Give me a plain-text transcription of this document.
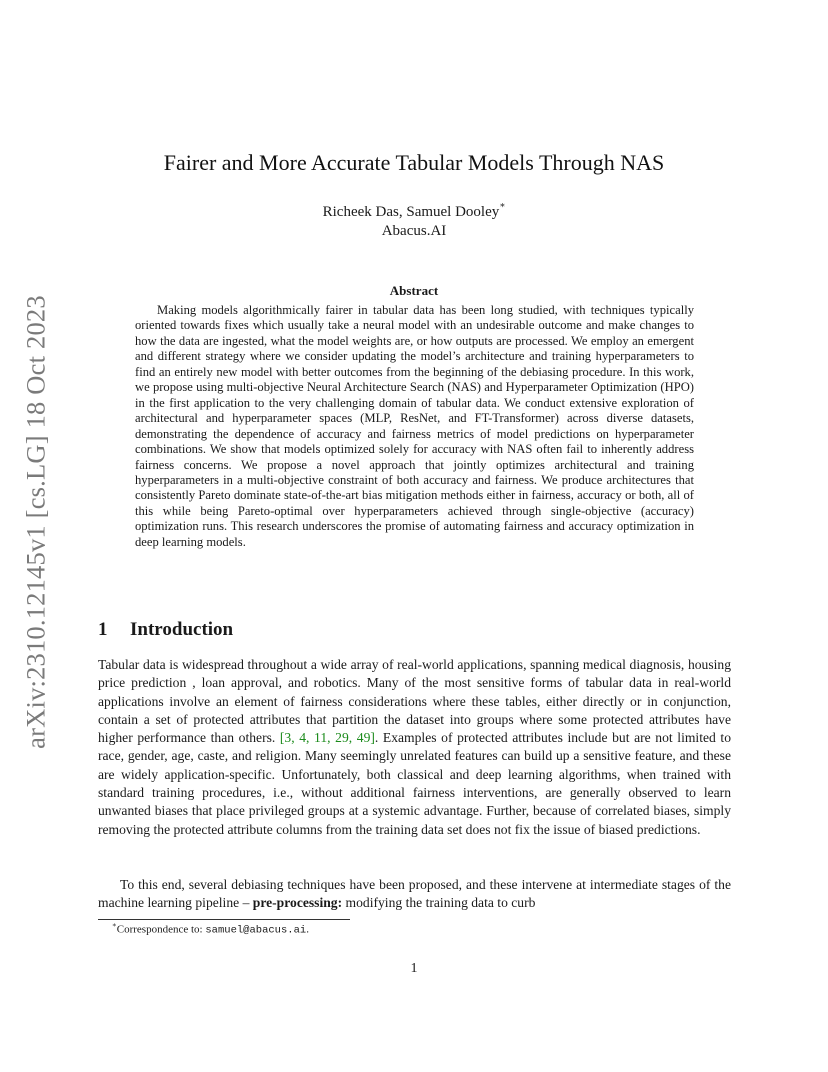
arXiv:2310.12145v1 [cs.LG] 18 Oct 2023
Fairer and More Accurate Tabular Models Through NAS
Richeek Das, Samuel Dooley∗
Abacus.AI
Abstract

Making models algorithmically fairer in tabular data has been long studied, with techniques typically oriented towards fixes which usually take a neural model with an undesirable outcome and make changes to how the data are ingested, what the model weights are, or how outputs are processed. We employ an emergent and different strategy where we consider updating the model’s architecture and training hyperparameters to find an entirely new model with better outcomes from the beginning of the debiasing procedure. In this work, we propose using multi-objective Neural Architecture Search (NAS) and Hyperparameter Optimization (HPO) in the first application to the very challenging domain of tabular data. We conduct extensive exploration of architectural and hyperparameter spaces (MLP, ResNet, and FT-Transformer) across diverse datasets, demonstrating the dependence of accuracy and fairness metrics of model predictions on hyperparameter combinations. We show that models optimized solely for accuracy with NAS often fail to inherently address fairness concerns. We propose a novel approach that jointly optimizes architectural and training hyperparameters in a multi-objective constraint of both accuracy and fairness. We produce architectures that consistently Pareto dominate state-of-the-art bias mitigation methods either in fairness, accuracy or both, all of this while being Pareto-optimal over hyperparameters achieved through single-objective (accuracy) optimization runs. This research underscores the promise of automating fairness and accuracy optimization in deep learning models.

1 Introduction

Tabular data is widespread throughout a wide array of real-world applications, spanning medical diagnosis, housing price prediction , loan approval, and robotics. Many of the most sensitive forms of tabular data in real-world applications involve an element of fairness considerations where these tables, either directly or in conjunction, contain a set of protected attributes that partition the dataset into groups where some protected attributes have higher performance than others. [3, 4, 11, 29, 49]. Examples of protected attributes include but are not limited to race, gender, age, caste, and religion. Many seemingly unrelated features can build up a sensitive feature, and these are widely application-specific. Unfortunately, both classical and deep learning algorithms, when trained with standard training procedures, i.e., without additional fairness interventions, are generally observed to learn unwanted biases that place privileged groups at a systemic advantage. Further, because of correlated biases, simply removing the protected attribute columns from the training data set does not fix the issue of biased predictions.

To this end, several debiasing techniques have been proposed, and these intervene at intermediate stages of the machine learning pipeline – pre-processing: modifying the training data to curb

∗Correspondence to: samuel@abacus.ai.
1
